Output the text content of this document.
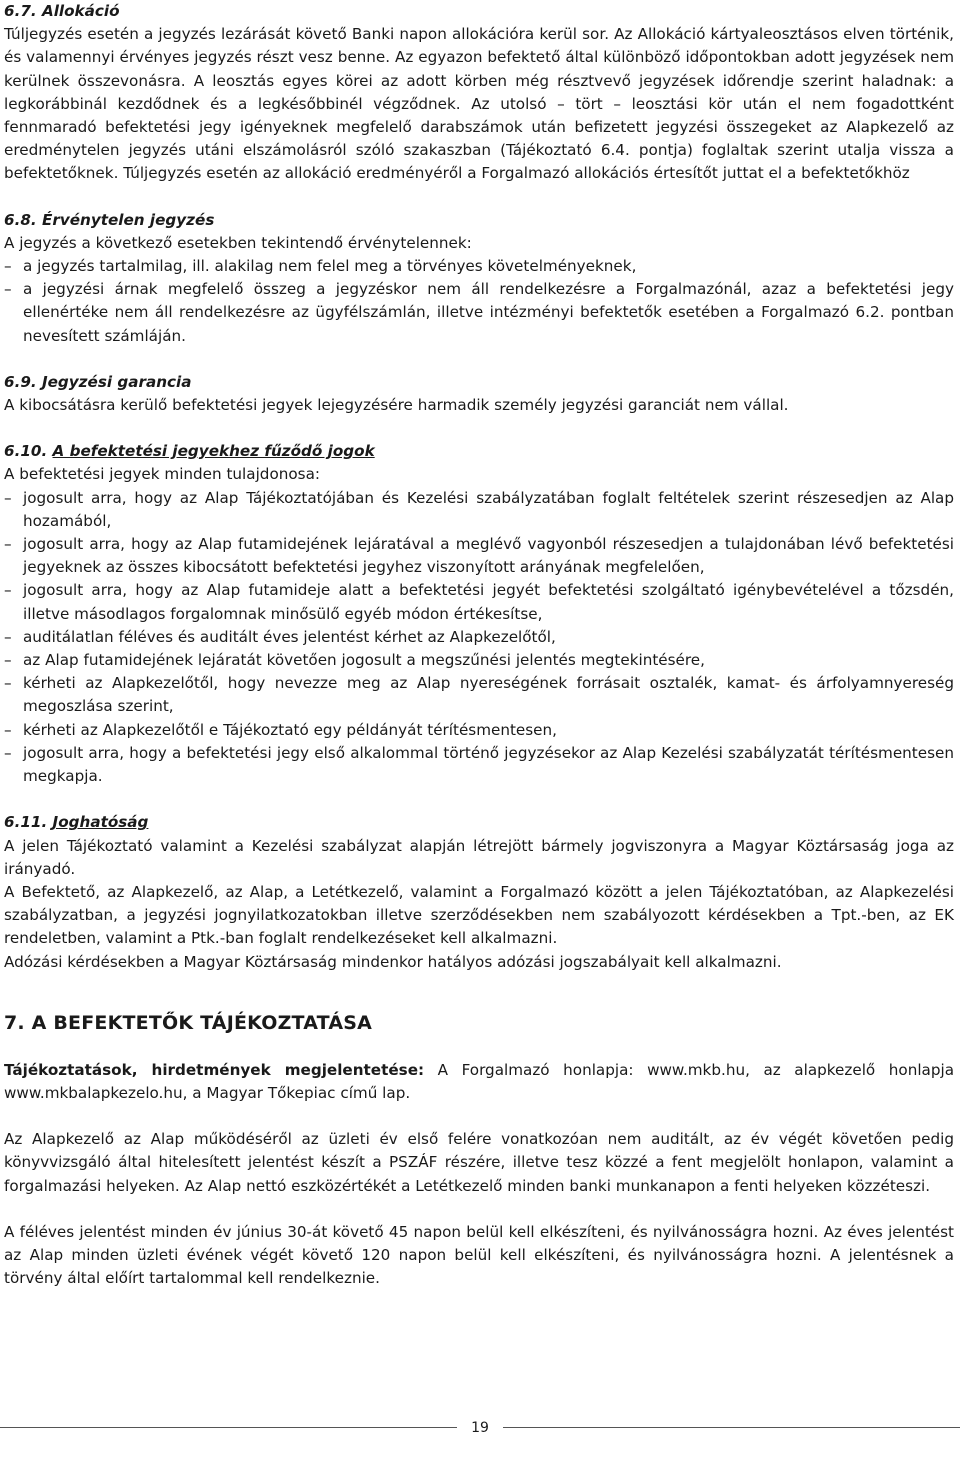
6.7. Allokáció

Túljegyzés esetén a jegyzés lezárását követő Banki napon allokációra kerül sor. Az Allokáció kártyaleosztásos elven történik, és valamennyi érvényes jegyzés részt vesz benne. Az egyazon befektető által különböző időpontokban adott jegyzések nem kerülnek összevonásra. A leosztás egyes körei az adott körben még résztvevő jegyzések időrendje szerint haladnak: a legkorábbinál kezdődnek és a legkésőbbinél végződnek. Az utolsó – tört – leosztási kör után el nem fogadottként fennmaradó befektetési jegy igényeknek megfelelő darabszámok után befizetett jegyzési összegeket az Alapkezelő az eredménytelen jegyzés utáni elszámolásról szóló szakaszban (Tájékoztató 6.4. pontja) foglaltak szerint utalja vissza a befektetőknek. Túljegyzés esetén az allokáció eredményéről a Forgalmazó allokációs értesítőt juttat el a befektetőkhöz

6.8. Érvénytelen jegyzés

A jegyzés a következő esetekben tekintendő érvénytelennek:

– a jegyzés tartalmilag, ill. alakilag nem felel meg a törvényes követelményeknek,
– a jegyzési árnak megfelelő összeg a jegyzéskor nem áll rendelkezésre a Forgalmazónál, azaz a befektetési jegy ellenértéke nem áll rendelkezésre az ügyfélszámlán, illetve intézményi befektetők esetében a Forgalmazó 6.2. pontban nevesített számláján.
6.9. Jegyzési garancia

A kibocsátásra kerülő befektetési jegyek lejegyzésére harmadik személy jegyzési garanciát nem vállal.

6.10. A befektetési jegyekhez fűződő jogok

A befektetési jegyek minden tulajdonosa:

– jogosult arra, hogy az Alap Tájékoztatójában és Kezelési szabályzatában foglalt feltételek szerint részesedjen az Alap hozamából,
– jogosult arra, hogy az Alap futamidejének lejáratával a meglévő vagyonból részesedjen a tulajdonában lévő befektetési jegyeknek az összes kibocsátott befektetési jegyhez viszonyított arányának megfelelően,
– jogosult arra, hogy az Alap futamideje alatt a befektetési jegyét befektetési szolgáltató igénybevételével a tőzsdén, illetve másodlagos forgalomnak minősülő egyéb módon értékesítse,
– auditálatlan féléves és auditált éves jelentést kérhet az Alapkezelőtől,
– az Alap futamidejének lejáratát követően jogosult a megszűnési jelentés megtekintésére,
– kérheti az Alapkezelőtől, hogy nevezze meg az Alap nyereségének forrásait osztalék, kamat- és árfolyamnyereség megoszlása szerint,
– kérheti az Alapkezelőtől e Tájékoztató egy példányát térítésmentesen,
– jogosult arra, hogy a befektetési jegy első alkalommal történő jegyzésekor az Alap Kezelési szabályzatát térítésmentesen megkapja.
6.11. Joghatóság

A jelen Tájékoztató valamint a Kezelési szabályzat alapján létrejött bármely jogviszonyra a Magyar Köztársaság joga az irányadó.

A Befektető, az Alapkezelő, az Alap, a Letétkezelő, valamint a Forgalmazó között a jelen Tájékoztatóban, az Alapkezelési szabályzatban, a jegyzési jognyilatkozatokban illetve szerződésekben nem szabályozott kérdésekben a Tpt.-ben, az EK rendeletben, valamint a Ptk.-ban foglalt rendelkezéseket kell alkalmazni.

Adózási kérdésekben a Magyar Köztársaság mindenkor hatályos adózási jogszabályait kell alkalmazni.

7. A BEFEKTETŐK TÁJÉKOZTATÁSA

Tájékoztatások, hirdetmények megjelentetése: A Forgalmazó honlapja: www.mkb.hu, az alapkezelő honlapja www.mkbalapkezelo.hu, a Magyar Tőkepiac című lap.

Az Alapkezelő az Alap működéséről az üzleti év első felére vonatkozóan nem auditált, az év végét követően pedig könyvvizsgáló által hitelesített jelentést készít a PSZÁF részére, illetve tesz közzé a fent megjelölt honlapon, valamint a forgalmazási helyeken. Az Alap nettó eszközértékét a Letétkezelő minden banki munkanapon a fenti helyeken közzéteszi.

A féléves jelentést minden év június 30-át követő 45 napon belül kell elkészíteni, és nyilvánosságra hozni. Az éves jelentést az Alap minden üzleti évének végét követő 120 napon belül kell elkészíteni, és nyilvánosságra hozni. A jelentésnek a törvény által előírt tartalommal kell rendelkeznie.

19
